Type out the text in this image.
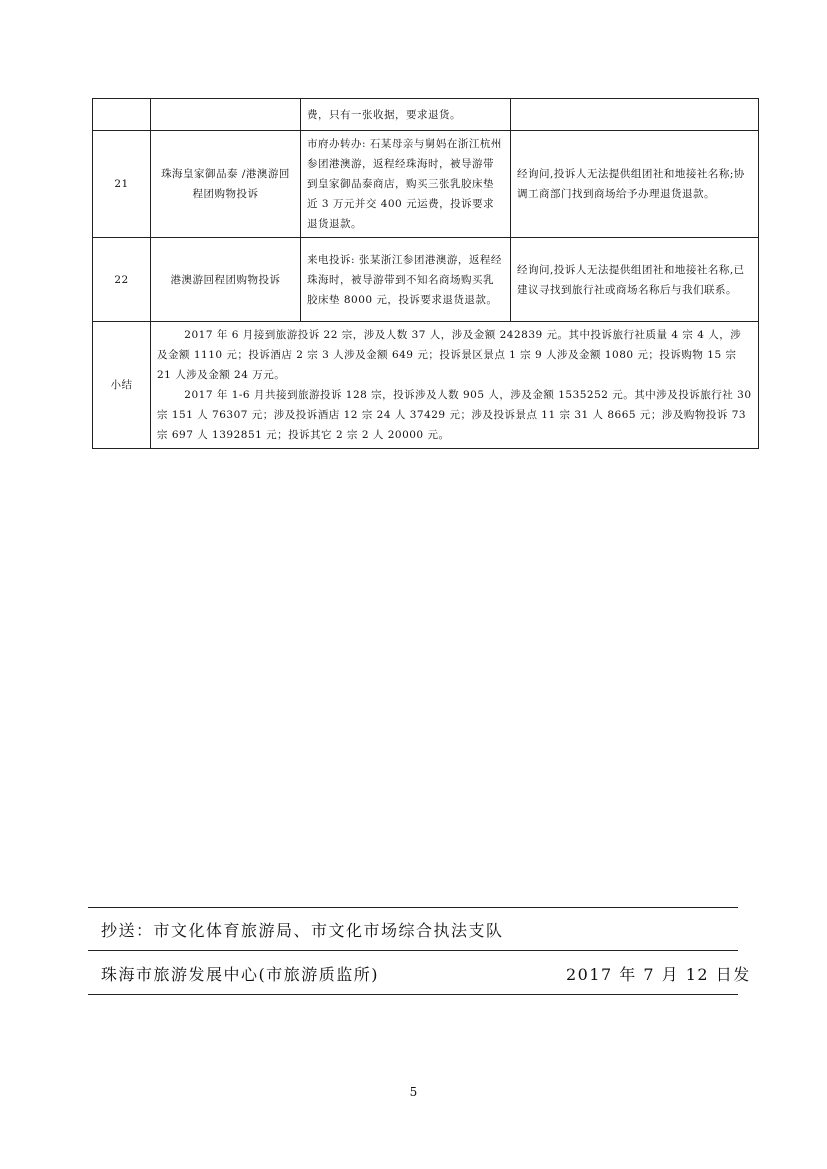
		费，只有一张收据，要求退货。	
21	珠海皇家御品泰 /港澳游回程团购物投诉	市府办转办: 石某母亲与舅妈在浙江杭州参团港澳游，返程经珠海时，被导游带到皇家御品泰商店，购买三张乳胶床垫近 3 万元并交 400 元运费，投诉要求退货退款。	经询问,投诉人无法提供组团社和地接社名称;协调工商部门找到商场给予办理退货退款。
22	港澳游回程团购物投诉	来电投诉: 张某浙江参团港澳游，返程经珠海时，被导游带到不知名商场购买乳胶床垫 8000 元，投诉要求退货退款。	经询问,投诉人无法提供组团社和地接社名称,已建议寻找到旅行社或商场名称后与我们联系。
小结	2017 年 6 月接到旅游投诉 22 宗，涉及人数 37 人，涉及金额 242839 元。其中投诉旅行社质量 4 宗 4 人，涉及金额 1110 元；投诉酒店 2 宗 3 人涉及金额 649 元；投诉景区景点 1 宗 9 人涉及金额 1080 元；投诉购物 15 宗 21 人涉及金额 24 万元。
2017 年 1-6 月共接到旅游投诉 128 宗，投诉涉及人数 905 人，涉及金额 1535252 元。其中涉及投诉旅行社 30 宗 151 人 76307 元；涉及投诉酒店 12 宗 24 人 37429 元；涉及投诉景点 11 宗 31 人 8665 元；涉及购物投诉 73 宗 697 人 1392851 元；投诉其它 2 宗 2 人 20000 元。		
抄送：市文化体育旅游局、市文化市场综合执法支队
珠海市旅游发展中心(市旅游质监所)	2017 年 7 月 12 日发
5
